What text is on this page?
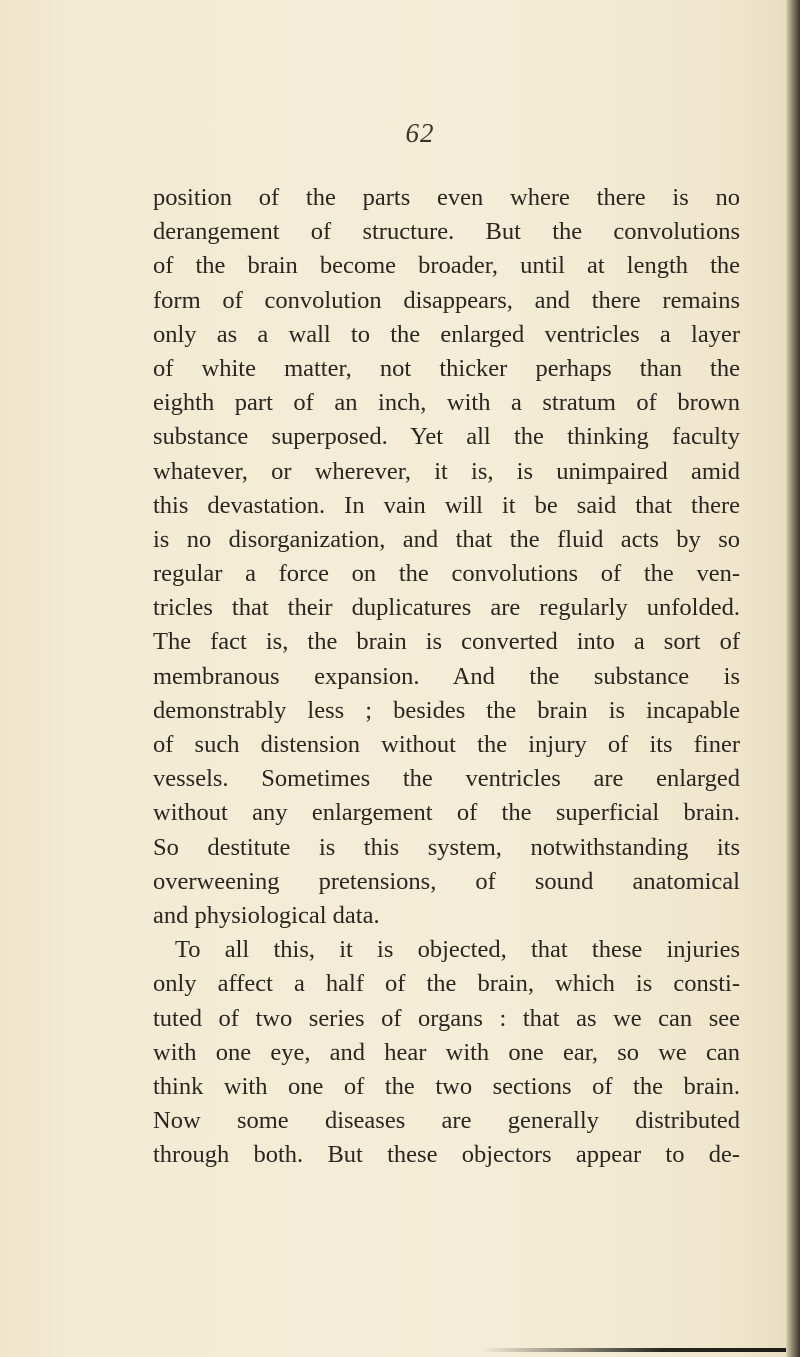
62
position of the parts even where there is no
derangement of structure. But the convolutions
of the brain become broader, until at length the
form of convolution disappears, and there remains
only as a wall to the enlarged ventricles a layer
of white matter, not thicker perhaps than the
eighth part of an inch, with a stratum of brown
substance superposed. Yet all the thinking faculty
whatever, or wherever, it is, is unimpaired amid
this devastation. In vain will it be said that there
is no disorganization, and that the fluid acts by so
regular a force on the convolutions of the ven-
tricles that their duplicatures are regularly unfolded.
The fact is, the brain is converted into a sort of
membranous expansion. And the substance is
demonstrably less ; besides the brain is incapable
of such distension without the injury of its finer
vessels. Sometimes the ventricles are enlarged
without any enlargement of the superficial brain.
So destitute is this system, notwithstanding its
overweening pretensions, of sound anatomical
and physiological data.
To all this, it is objected, that these injuries
only affect a half of the brain, which is consti-
tuted of two series of organs : that as we can see
with one eye, and hear with one ear, so we can
think with one of the two sections of the brain.
Now some diseases are generally distributed
through both. But these objectors appear to de-
